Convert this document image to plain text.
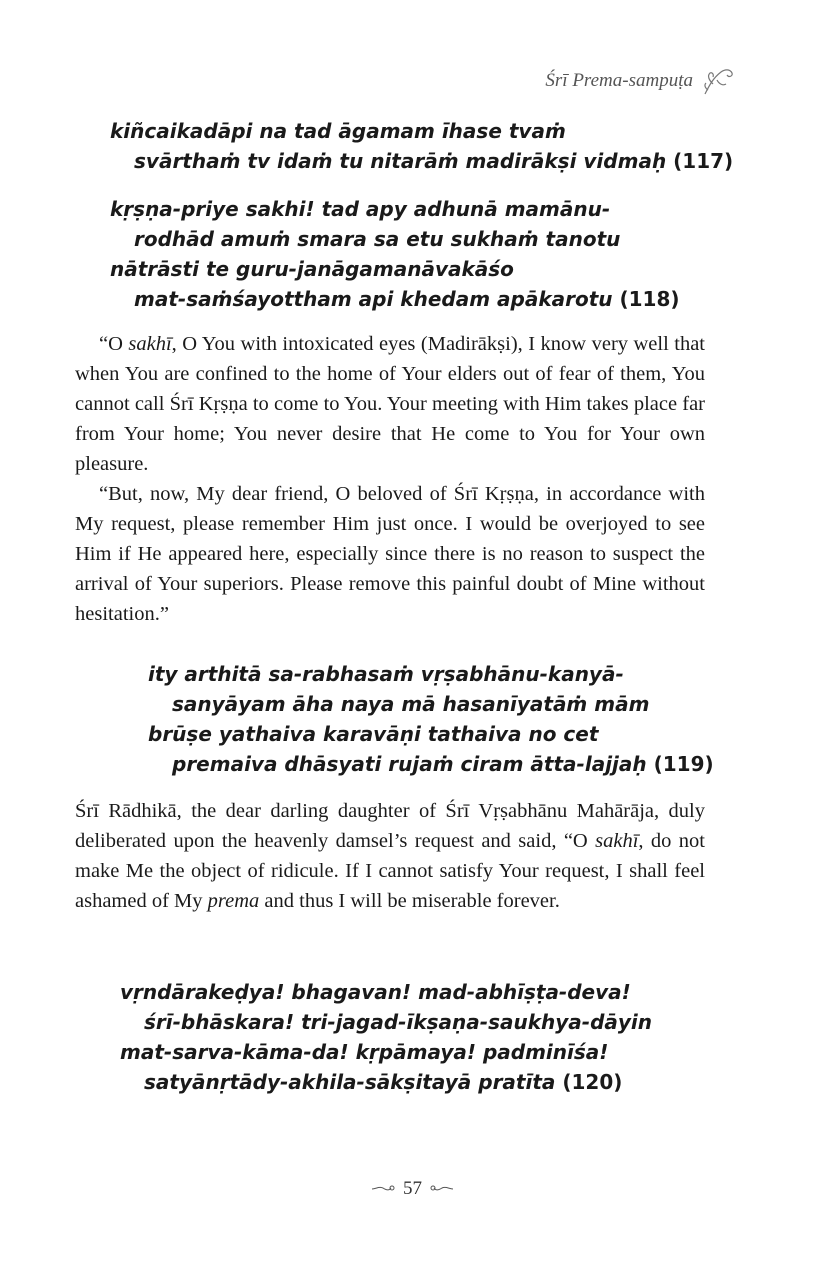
Śrī Prema-sampuṭa
kiñcaikadāpi na tad āgamam īhase tvaṁ
svārthaṁ tv idaṁ tu nitarāṁ madirākṣi vidmaḥ (117)
kṛṣṇa-priye sakhi! tad apy adhunā mamānu-
rodhād amuṁ smara sa etu sukhaṁ tanotu
nātrāsti te guru-janāgamanāvakāśo
mat-saṁśayottham api khedam apākarotu (118)

“O sakhī, O You with intoxicated eyes (Madirākṣi), I know very well that when You are confined to the home of Your elders out of fear of them, You cannot call Śrī Kṛṣṇa to come to You. Your meeting with Him takes place far from Your home; You never desire that He come to You for Your own pleasure.

“But, now, My dear friend, O beloved of Śrī Kṛṣṇa, in accordance with My request, please remember Him just once. I would be overjoyed to see Him if He appeared here, especially since there is no reason to suspect the arrival of Your superiors. Please remove this painful doubt of Mine without hesitation.”

ity arthitā sa-rabhasaṁ vṛṣabhānu-kanyā-
sanyāyam āha naya mā hasanīyatāṁ mām
brūṣe yathaiva karavāṇi tathaiva no cet
premaiva dhāsyati rujaṁ ciram ātta-lajjaḥ (119)

Śrī Rādhikā, the dear darling daughter of Śrī Vṛṣabhānu Mahārāja, duly deliberated upon the heavenly damsel’s request and said, “O sakhī, do not make Me the object of ridicule. If I cannot satisfy Your request, I shall feel ashamed of My prema and thus I will be miserable forever.

vṛndārakeḍya! bhagavan! mad-abhīṣṭa-deva!
śrī-bhāskara! tri-jagad-īkṣaṇa-saukhya-dāyin
mat-sarva-kāma-da! kṛpāmaya! padminīśa!
satyānṛtādy-akhila-sākṣitayā pratīta (120)
57
